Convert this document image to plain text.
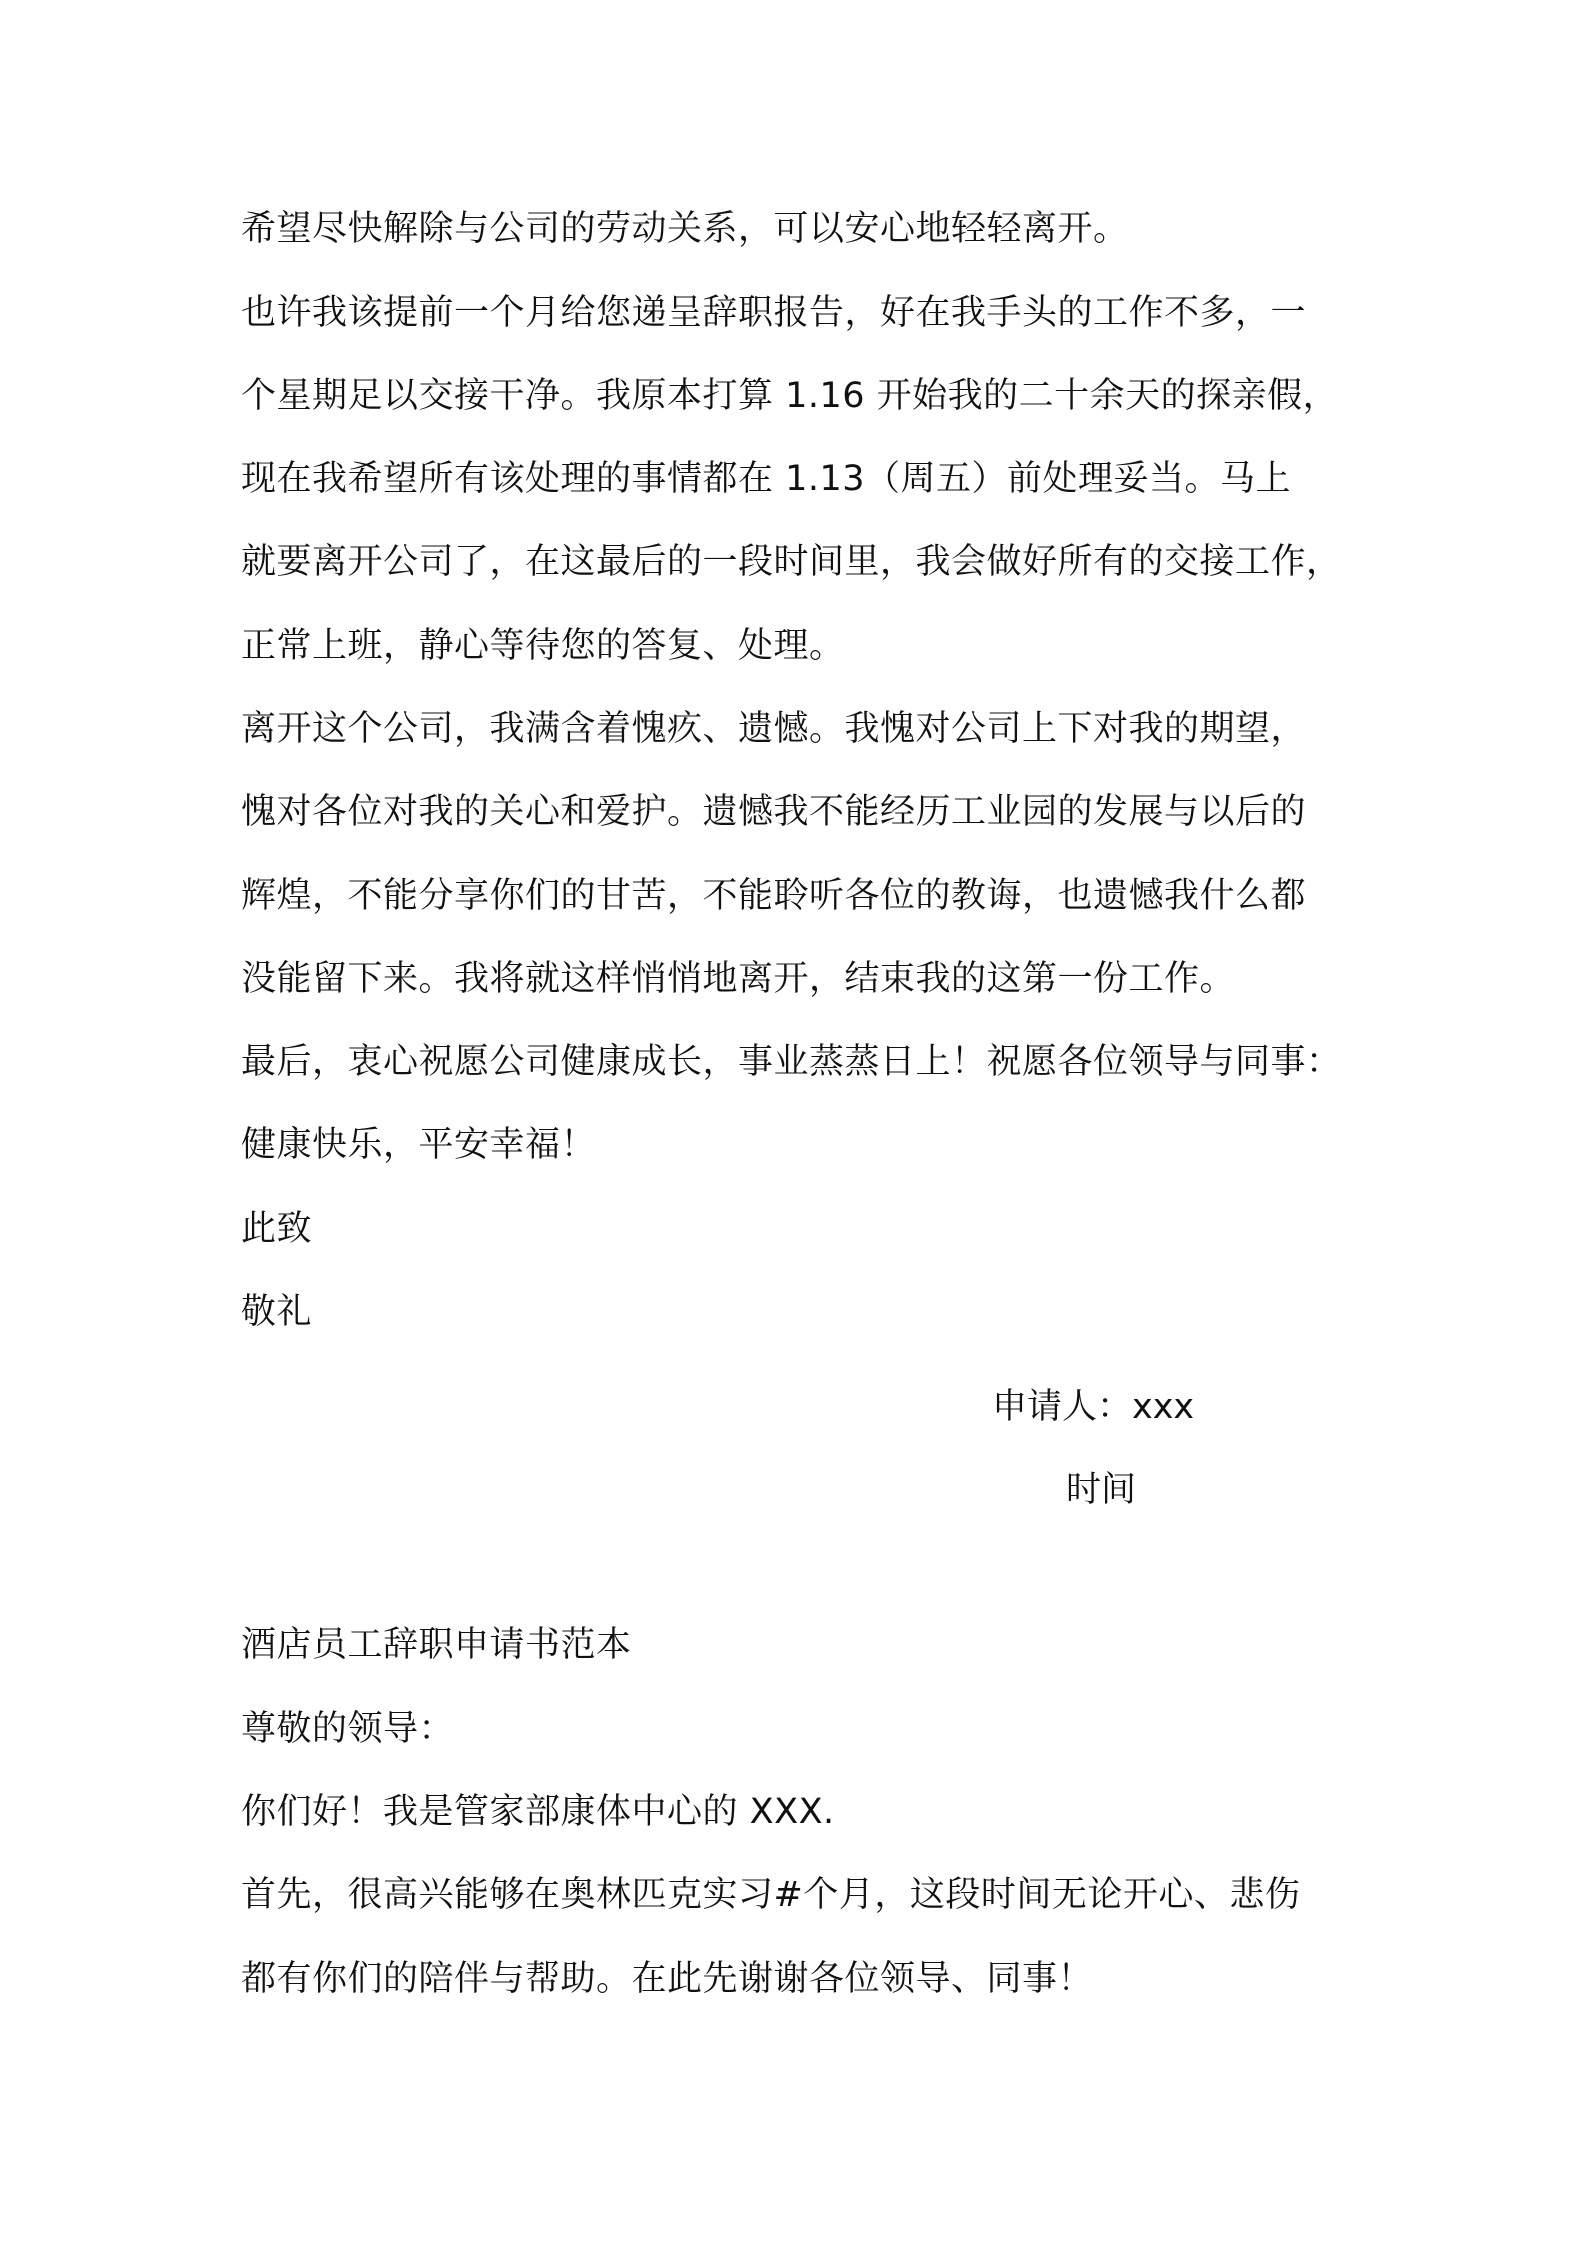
希望尽快解除与公司的劳动关系，可以安心地轻轻离开。
也许我该提前一个月给您递呈辞职报告，好在我手头的工作不多，一
个星期足以交接干净。我原本打算 1.16 开始我的二十余天的探亲假，
现在我希望所有该处理的事情都在 1.13（周五）前处理妥当。马上
就要离开公司了，在这最后的一段时间里，我会做好所有的交接工作，
正常上班，静心等待您的答复、处理。
离开这个公司，我满含着愧疚、遗憾。我愧对公司上下对我的期望，
愧对各位对我的关心和爱护。遗憾我不能经历工业园的发展与以后的
辉煌，不能分享你们的甘苦，不能聆听各位的教诲，也遗憾我什么都
没能留下来。我将就这样悄悄地离开，结束我的这第一份工作。
最后，衷心祝愿公司健康成长，事业蒸蒸日上！祝愿各位领导与同事：
健康快乐，平安幸福！
此致
敬礼
申请人：xxx
时间
酒店员工辞职申请书范本
尊敬的领导：
你们好！我是管家部康体中心的 XXX.
首先，很高兴能够在奥林匹克实习#个月，这段时间无论开心、悲伤
都有你们的陪伴与帮助。在此先谢谢各位领导、同事！
